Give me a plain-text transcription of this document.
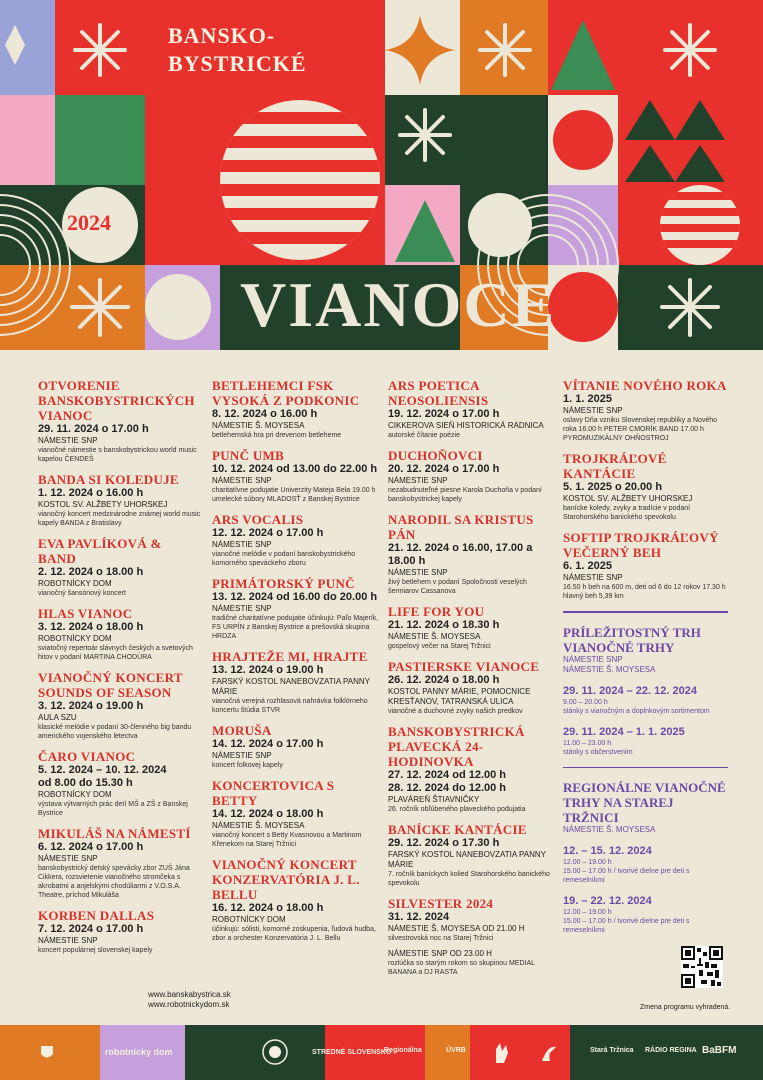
BANSKO-
BYSTRICKÉ
2024
2024
VIANOCE
OTVORENIE BANSKOBYSTRICKÝCH VIANOC
29. 11. 2024 o 17.00 h
NÁMESTIE SNP
vianočné námestie s banskobystrickou world music kapelou ČENDEŠ
BANDA SI KOLEDUJE
1. 12. 2024 o 16.00 h
KOSTOL SV. ALŽBETY UHORSKEJ
vianočný koncert medzinárodne známej world music kapely BANDA z Bratislavy
EVA PAVLÍKOVÁ & BAND
2. 12. 2024 o 18.00 h
ROBOTNÍCKY DOM
vianočný šansónový koncert
HLAS VIANOC
3. 12. 2024 o 18.00 h
ROBOTNÍCKY DOM
sviatočný repertoár slávnych českých a svetových hitov v podaní MARTINA CHODÚRA
VIANOČNÝ KONCERT SOUNDS OF SEASON
3. 12. 2024 o 19.00 h
AULA SZU
klasické melódie v podaní 30-členného big bandu amerického vojenského letectva
ČARO VIANOC
5. 12. 2024 – 10. 12. 2024
od 8.00 do 15.30 h
ROBOTNÍCKY DOM
výstava výtvarných prác detí MŠ a ZŠ z Banskej Bystrice
MIKULÁŠ NA NÁMESTÍ
6. 12. 2024 o 17.00 h
NÁMESTIE SNP
banskobystrický detský spevácky zbor ZUŠ Jána Cikkera, rozsvietenie vianočného stromčeka s akrobatmi a anjelskými chodúliarmi z V.O.S.A. Theatre, príchod Mikuláša
KORBEN DALLAS
7. 12. 2024 o 17.00 h
NÁMESTIE SNP
koncert populárnej slovenskej kapely
BETLEHEMCI FSK VYSOKÁ Z PODKONIC
8. 12. 2024 o 16.00 h
NÁMESTIE Š. MOYSESA
betlehemská hra pri drevenom betleheme
PUNČ UMB
10. 12. 2024 od 13.00 do 22.00 h
NÁMESTIE SNP
charitatívne podujatie Univerzity Mateja Bela 19.00 h umelecké súbory MLADOSŤ z Banskej Bystrice
ARS VOCALIS
12. 12. 2024 o 17.00 h
NÁMESTIE SNP
vianočné melódie v podaní banskobystrického komorného speváckeho zboru
PRIMÁTORSKÝ PUNČ
13. 12. 2024 od 16.00 do 20.00 h
NÁMESTIE SNP
tradičné charitatívne podujatie účinkujú: Paľo Majerík, FS URPÍN z Banskej Bystrice a prešovská skupina HRDZA
HRAJTEŽE MI, HRAJTE
13. 12. 2024 o 19.00 h
FARSKÝ KOSTOL NANEBOVZATIA PANNY MÁRIE
vianočná verejná rozhlasová nahrávka folklórneho koncertu štúdia STVR
MORUŠA
14. 12. 2024 o 17.00 h
NÁMESTIE SNP
koncert folkovej kapely
KONCERTOVICA S BETTY
14. 12. 2024 o 18.00 h
NÁMESTIE Š. MOYSESA
vianočný koncert s Betty Kvasnovou a Martinom Křenekom na Starej Tržnici
VIANOČNÝ KONCERT KONZERVATÓRIA J. L. BELLU
16. 12. 2024 o 18.00 h
ROBOTNÍCKY DOM
účinkujú: sólisti, komorné zoskupenia, ľudová hudba, zbor a orchester Konzervatória J. L. Bellu
ARS POETICA NEOSOLIENSIS
19. 12. 2024 o 17.00 h
CIKKEROVA SIEŇ HISTORICKÁ RADNICA
autorské čítanie poézie
DUCHOŇOVCI
20. 12. 2024 o 17.00 h
NÁMESTIE SNP
nezabudnuteľné piesne Karola Duchoňa v podaní banskobystrickej kapely
NARODIL SA KRISTUS PÁN
21. 12. 2024 o 16.00, 17.00 a 18.00 h
NÁMESTIE SNP
živý betlehem v podaní Spoločnosti veselých šermiarov Cassanova
LIFE FOR YOU
21. 12. 2024 o 18.30 h
NÁMESTIE Š. MOYSESA
gospelový večer na Starej Tržnici
PASTIERSKE VIANOCE
26. 12. 2024 o 18.00 h
KOSTOL PANNY MÁRIE, POMOCNICE KRESŤANOV, TATRANSKÁ ULICA
vianočné a duchovné zvyky našich predkov
BANSKOBYSTRICKÁ PLAVECKÁ 24-HODINOVKA
27. 12. 2024 od 12.00 h
28. 12. 2024 do 12.00 h
PLAVÁREŇ ŠTIAVNIČKY
26. ročník obľúbeného plaveckého podujatia
BANÍCKE KANTÁCIE
29. 12. 2024 o 17.30 h
FARSKÝ KOSTOL NANEBOVZATIA PANNY MÁRIE
7. ročník baníckych kolied Starohorského banického spevokolu
SILVESTER 2024
31. 12. 2024
NÁMESTIE Š. MOYSESA OD 21.00 H
silvestrovská noc na Starej Tržnici
NÁMESTIE SNP OD 23.00 H
rozlúčka so starým rokom so skupinou MEDIAL BANANA a DJ RASTA
VÍTANIE NOVÉHO ROKA
1. 1. 2025
NÁMESTIE SNP
oslavy Dňa vzniku Slovenskej republiky a Nového roka 16.00 h PETER CMORÍK BAND 17.00 h PYROMUZIKÁLNY OHŇOSTROJ
TROJKRÁĽOVÉ KANTÁCIE
5. 1. 2025 o 20.00 h
KOSTOL SV. ALŽBETY UHORSKEJ
banícke koledy, zvyky a tradície v podaní Starohorského banického spevokolu
SOFTIP TROJKRÁĽOVÝ VEČERNÝ BEH
6. 1. 2025
NÁMESTIE SNP
16.50 h beh na 600 m, deti od 6 do 12 rokov 17.30 h hlavný beh 5,39 km
PRÍLEŽITOSTNÝ TRH VIANOČNÉ TRHY
NÁMESTIE SNP
NÁMESTIE Š. MOYSESA
29. 11. 2024 – 22. 12. 2024
9.00 – 20.00 h
stánky s vianočným a doplnkovým sortimentom
29. 11. 2024 – 1. 1. 2025
11.00 – 23.00 h
stánky s občerstvením
REGIONÁLNE VIANOČNÉ TRHY NA STAREJ TRŽNICI
NÁMESTIE Š. MOYSESA
12. – 15. 12. 2024
12.00 – 19.00 h
15.00 – 17.00 h / tvorivé dielne pre deti s remeselníkmi
19. – 22. 12. 2024
12.00 – 19.00 h
15.00 – 17.00 h / tvorivé dielne pre deti s remeselníkmi
www.banskabystrica.sk
www.robotnickydom.sk	Zmena programu vyhradená.
robotnícky dom	STREDNÉ SLOVENSKO
Regionálna	ÚVRB	Stará Tržnica RÁDIO REGINA BaBFM
